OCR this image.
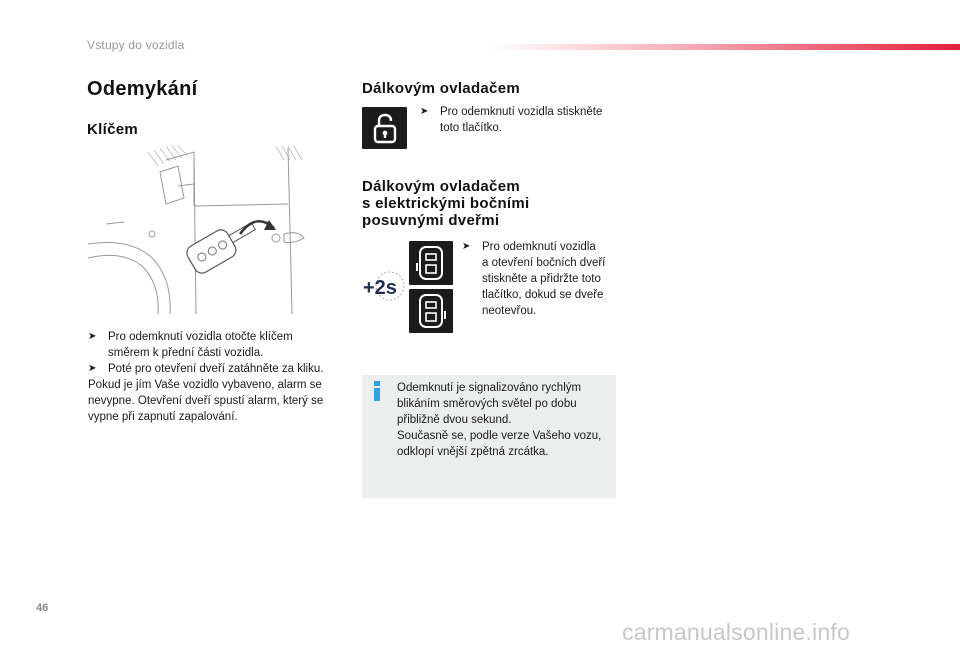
Vstupy do vozidla
Odemykání
Klíčem
➤ Pro odemknutí vozidla otočte klíčem
směrem k přední části vozidla.
➤ Poté pro otevření dveří zatáhněte za kliku.
Pokud je jím Vaše vozidlo vybaveno, alarm se
nevypne. Otevření dveří spustí alarm, který se
vypne při zapnutí zapalování.
Dálkovým ovladačem
➤ Pro odemknutí vozidla stiskněte
toto tlačítko.
Dálkovým ovladačem
s elektrickými bočními
posuvnými dveřmi
+2s
➤ Pro odemknutí vozidla
a otevření bočních dveří
stiskněte a přidržte toto
tlačítko, dokud se dveře
neotevřou.
Odemknutí je signalizováno rychlým
blikáním směrových světel po dobu
přibližně dvou sekund.
Současně se, podle verze Vašeho vozu,
odklopí vnější zpětná zrcátka.
46
carmanualsonline.info
